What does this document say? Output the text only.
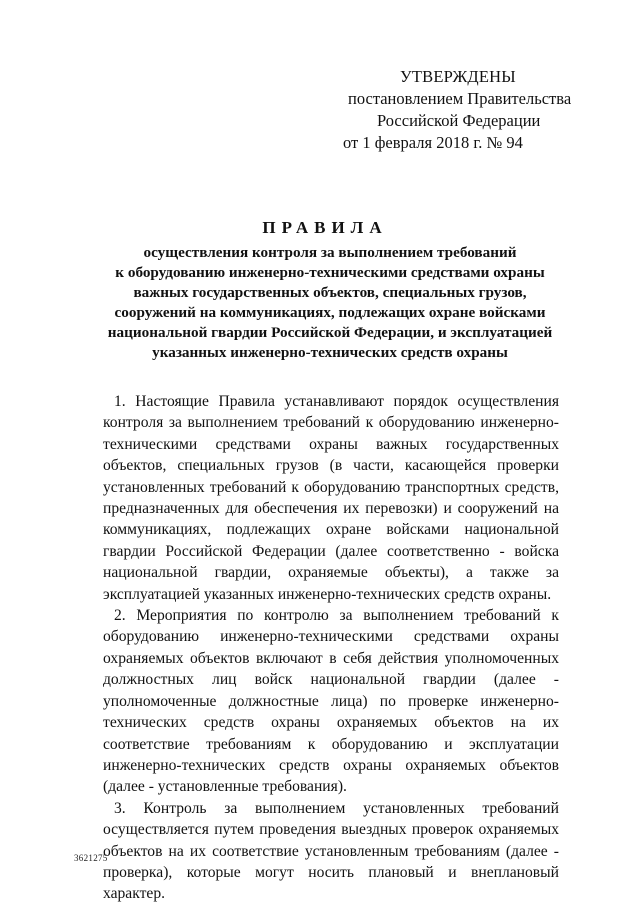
УТВЕРЖДЕНЫ
постановлением Правительства
Российской Федерации
от 1 февраля 2018 г. № 94
ПРАВИЛА
осуществления контроля за выполнением требований
к оборудованию инженерно-техническими средствами охраны
важных государственных объектов, специальных грузов,
сооружений на коммуникациях, подлежащих охране войсками
национальной гвардии Российской Федерации, и эксплуатацией
указанных инженерно-технических средств охраны

1. Настоящие Правила устанавливают порядок осуществления контроля за выполнением требований к оборудованию инженерно-техническими средствами охраны важных государственных объектов, специальных грузов (в части, касающейся проверки установленных требований к оборудованию транспортных средств, предназначенных для обеспечения их перевозки) и сооружений на коммуникациях, подлежащих охране войсками национальной гвардии Российской Федерации (далее соответственно - войска национальной гвардии, охраняемые объекты), а также за эксплуатацией указанных инженерно-технических средств охраны.

2. Мероприятия по контролю за выполнением требований к оборудованию инженерно-техническими средствами охраны охраняемых объектов включают в себя действия уполномоченных должностных лиц войск национальной гвардии (далее - уполномоченные должностные лица) по проверке инженерно-технических средств охраны охраняемых объектов на их соответствие требованиям к оборудованию и эксплуатации инженерно-технических средств охраны охраняемых объектов (далее - установленные требования).

3. Контроль за выполнением установленных требований осуществляется путем проведения выездных проверок охраняемых объектов на их соответствие установленным требованиям (далее - проверка), которые могут носить плановый и внеплановый характер.

3621275
